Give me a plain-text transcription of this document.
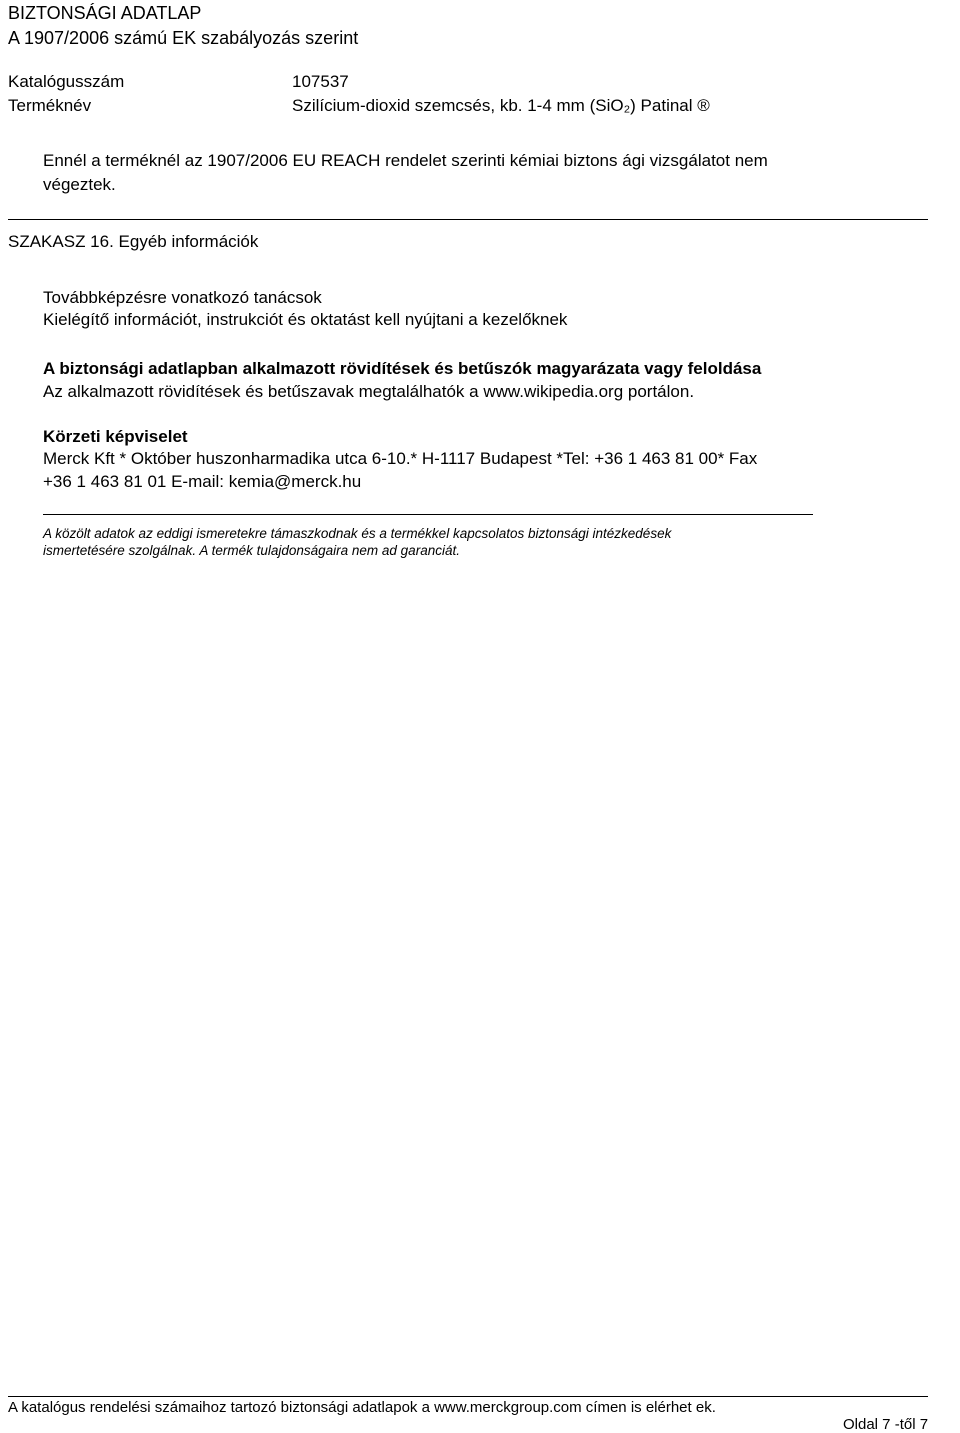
BIZTONSÁGI ADATLAP
A 1907/2006 számú EK szabályozás szerint
Katalógusszám	107537
Terméknév	Szilícium-dioxid szemcsés, kb. 1-4 mm (SiO₂) Patinal ®
Ennél a terméknél az 1907/2006 EU REACH rendelet szerinti kémiai biztons ági vizsgálatot nem
végeztek.
SZAKASZ 16. Egyéb információk
Továbbképzésre vonatkozó tanácsok
Kielégítő információt, instrukciót és oktatást kell nyújtani a kezelőknek
A biztonsági adatlapban alkalmazott rövidítések és betűszók magyarázata vagy feloldása
Az alkalmazott rövidítések és betűszavak megtalálhatók a www.wikipedia.org portálon.
Körzeti képviselet
Merck Kft * Október huszonharmadika utca 6-10.* H-1117 Budapest *Tel: +36 1 463 81 00* Fax
+36 1 463 81 01 E-mail: kemia@merck.hu
A közölt adatok az eddigi ismeretekre támaszkodnak és a termékkel kapcsolatos biztonsági intézkedések
ismertetésére szolgálnak. A termék tulajdonságaira nem ad garanciát.
A katalógus rendelési számaihoz tartozó biztonsági adatlapok a www.merckgroup.com címen is elérhet ek.
Oldal 7 -től 7
